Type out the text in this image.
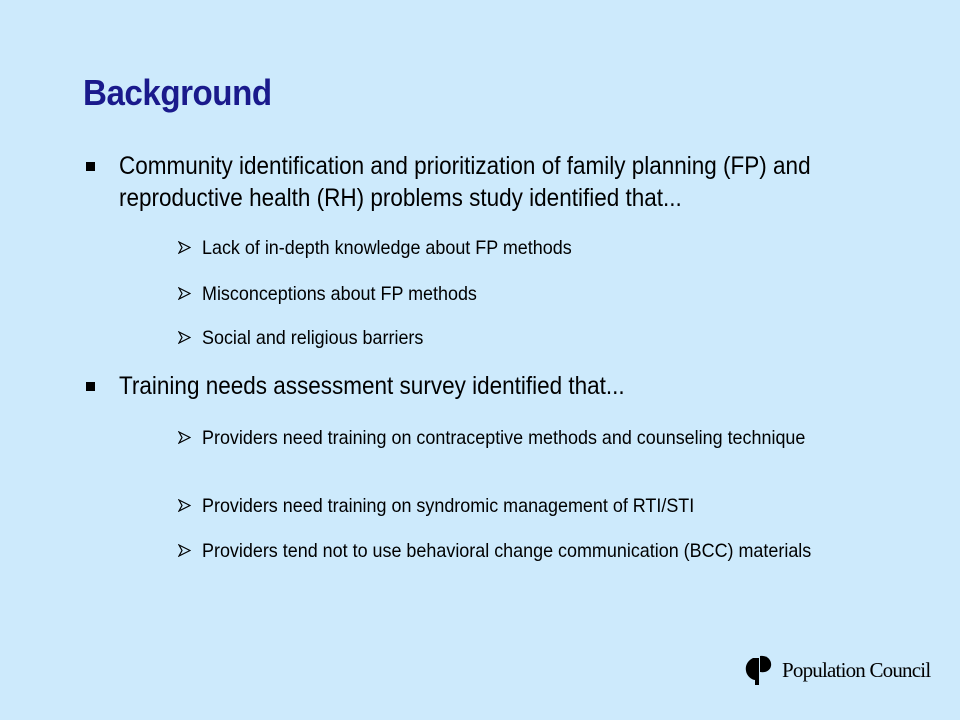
Background
Community identification and prioritization of family planning (FP) and reproductive health (RH) problems study identified that...
Lack of in-depth knowledge about FP methods
Misconceptions about FP methods
Social and religious barriers
Training needs assessment survey identified that...
Providers need training on contraceptive methods and counseling technique
Providers need training on syndromic management of RTI/STI
Providers tend not to use behavioral change communication (BCC) materials
Population Council
